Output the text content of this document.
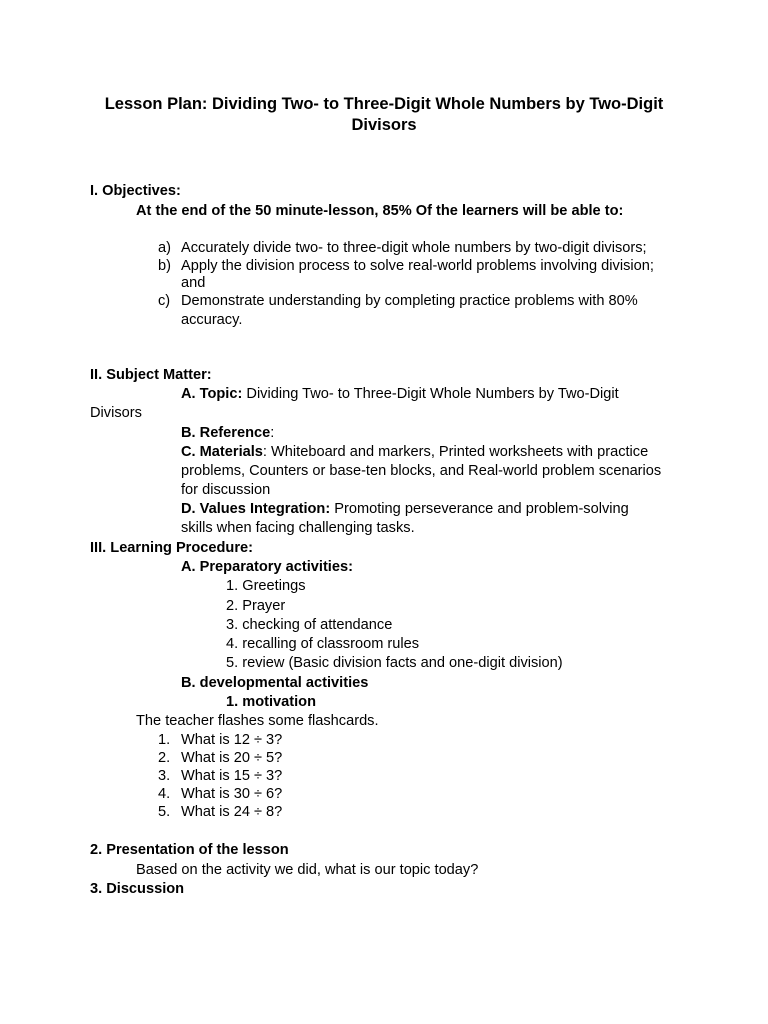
Lesson Plan: Dividing Two- to Three-Digit Whole Numbers by Two-Digit Divisors

I. Objectives:

At the end of the 50 minute-lesson, 85% Of the learners will be able to:

a) Accurately divide two- to three-digit whole numbers by two-digit divisors;
b) Apply the division process to solve real-world problems involving division;
and
c) Demonstrate understanding by completing practice problems with 80%
accuracy.

II. Subject Matter:

A. Topic: Dividing Two- to Three-Digit Whole Numbers by Two-Digit

Divisors

B. Reference:

C. Materials: Whiteboard and markers, Printed worksheets with practice

problems, Counters or base-ten blocks, and Real-world problem scenarios

for discussion

D. Values Integration: Promoting perseverance and problem-solving

skills when facing challenging tasks.

III. Learning Procedure:

A. Preparatory activities:

1. Greetings

2. Prayer

3. checking of attendance

4. recalling of classroom rules

5. review (Basic division facts and one-digit division)

B. developmental activities

1. motivation

The teacher flashes some flashcards.

1. What is 12 ÷ 3?
2. What is 20 ÷ 5?
3. What is 15 ÷ 3?
4. What is 30 ÷ 6?
5. What is 24 ÷ 8?

2. Presentation of the lesson

Based on the activity we did, what is our topic today?

3. Discussion
